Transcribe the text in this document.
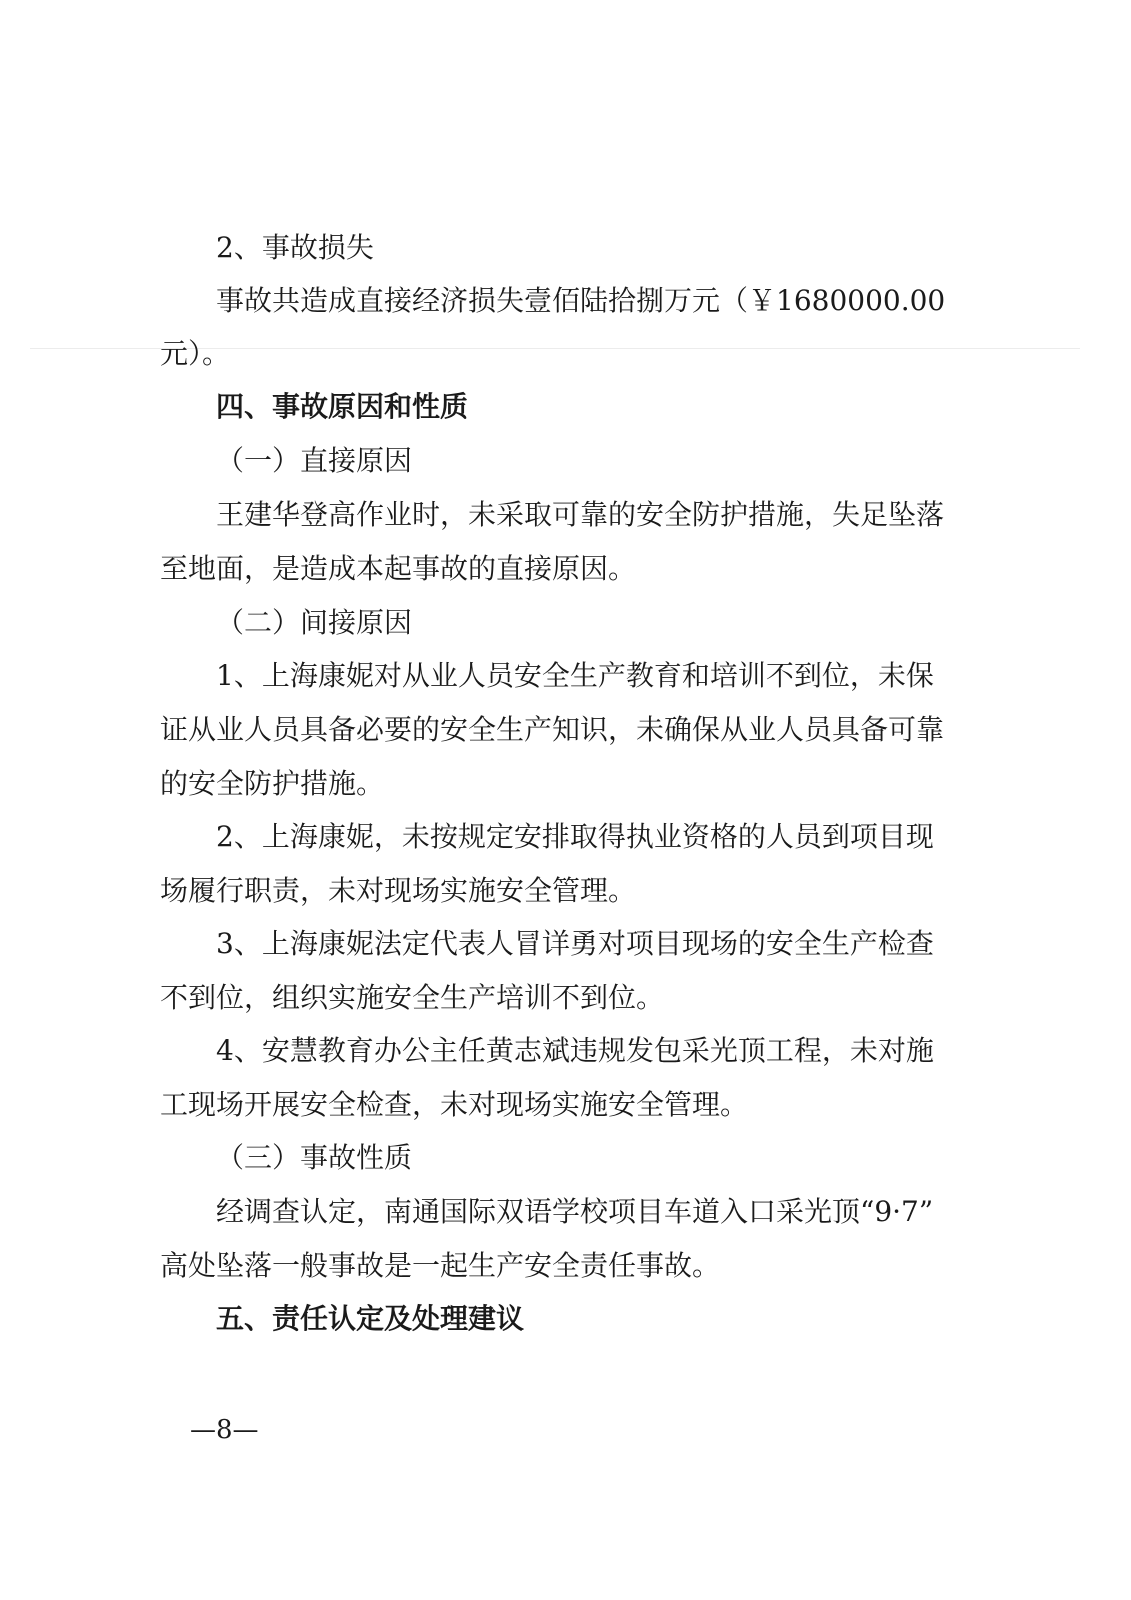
2、事故损失
事故共造成直接经济损失壹佰陆拾捌万元（￥1680000.00
元）。
四、事故原因和性质
（一）直接原因
王建华登高作业时，未采取可靠的安全防护措施，失足坠落
至地面，是造成本起事故的直接原因。
（二）间接原因
1、上海康妮对从业人员安全生产教育和培训不到位，未保
证从业人员具备必要的安全生产知识，未确保从业人员具备可靠
的安全防护措施。
2、上海康妮，未按规定安排取得执业资格的人员到项目现
场履行职责，未对现场实施安全管理。
3、上海康妮法定代表人冒详勇对项目现场的安全生产检查
不到位，组织实施安全生产培训不到位。
4、安慧教育办公主任黄志斌违规发包采光顶工程，未对施
工现场开展安全检查，未对现场实施安全管理。
（三）事故性质
经调查认定，南通国际双语学校项目车道入口采光顶“9·7”
高处坠落一般事故是一起生产安全责任事故。
五、责任认定及处理建议
—8—
